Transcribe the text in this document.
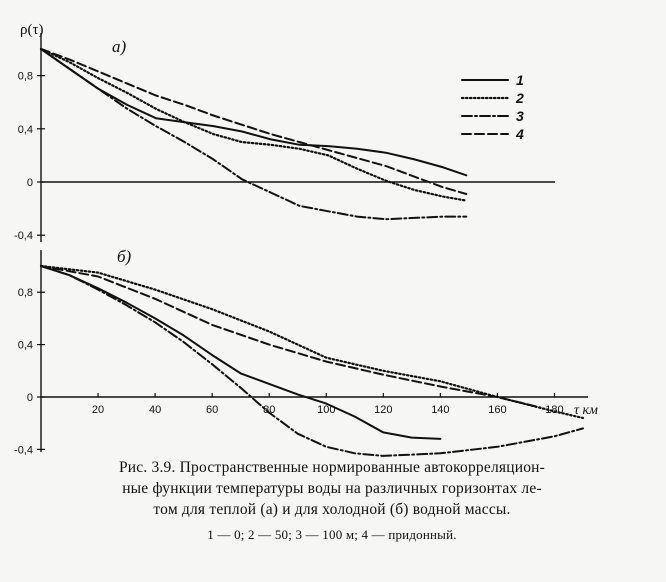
-0,4
0
0,4
0,8
а)
-0,4
0
0,4
0,8
20	40	60	80	100	120	140	160	180
б)
ρ(τ)
τ км
1
2
3
4

Рис. 3.9. Пространственные нормированные автокорреляцион-

ные функции температуры воды на различных горизонтах ле-

том для теплой (а) и для холодной (б) водной массы.

1 — 0; 2 — 50; 3 — 100 м; 4 — придонный.
